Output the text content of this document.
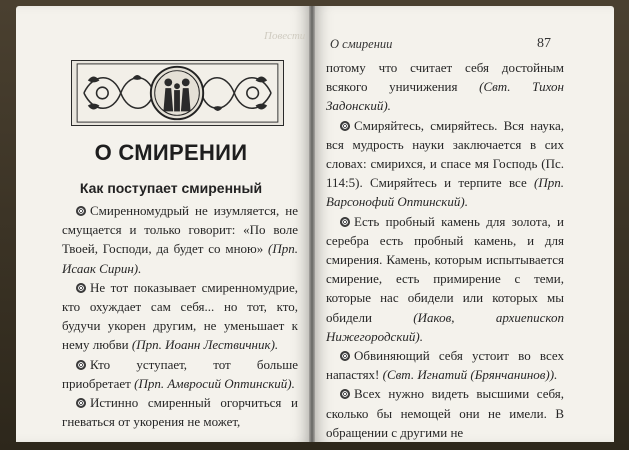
Повести
О СМИРЕНИИ
Как поступает смиренный

Смиренномудрый не изумляется, не смущается и только говорит: «По воле Твоей, Господи, да будет со мною» (Прп. Исаак Сирин).

Не тот показывает смиренномудрие, кто охуждает сам себя... но тот, кто, будучи укорен другим, не уменьшает к нему любви (Прп. Иоанн Лествичник).

Кто уступает, тот больше приобретает (Прп. Амвросий Оптинский).

Истинно смиренный огорчиться и гневаться от укорения не может,

О смирении	87

потому что считает себя достойным всякого уничижения (Свт. Тихон Задонский).

Смиряйтесь, смиряйтесь. Вся наука, вся мудрость науки заключается в сих словах: смирихся, и спасе мя Господь (Пс. 114:5). Смиряйтесь и терпите все (Прп. Варсонофий Оптинский).

Есть пробный камень для золота, и серебра есть пробный камень, и для смирения. Камень, которым испытывается смирение, есть примирение с теми, которые нас обидели или которых мы обидели	(Иаков, архиепископ Нижегородский).

Обвиняющий себя устоит во всех напастях! (Свт. Игнатий (Брянчанинов)).

Всех нужно видеть высшими себя, сколько бы немощей они не имели. В обращении с другими не
